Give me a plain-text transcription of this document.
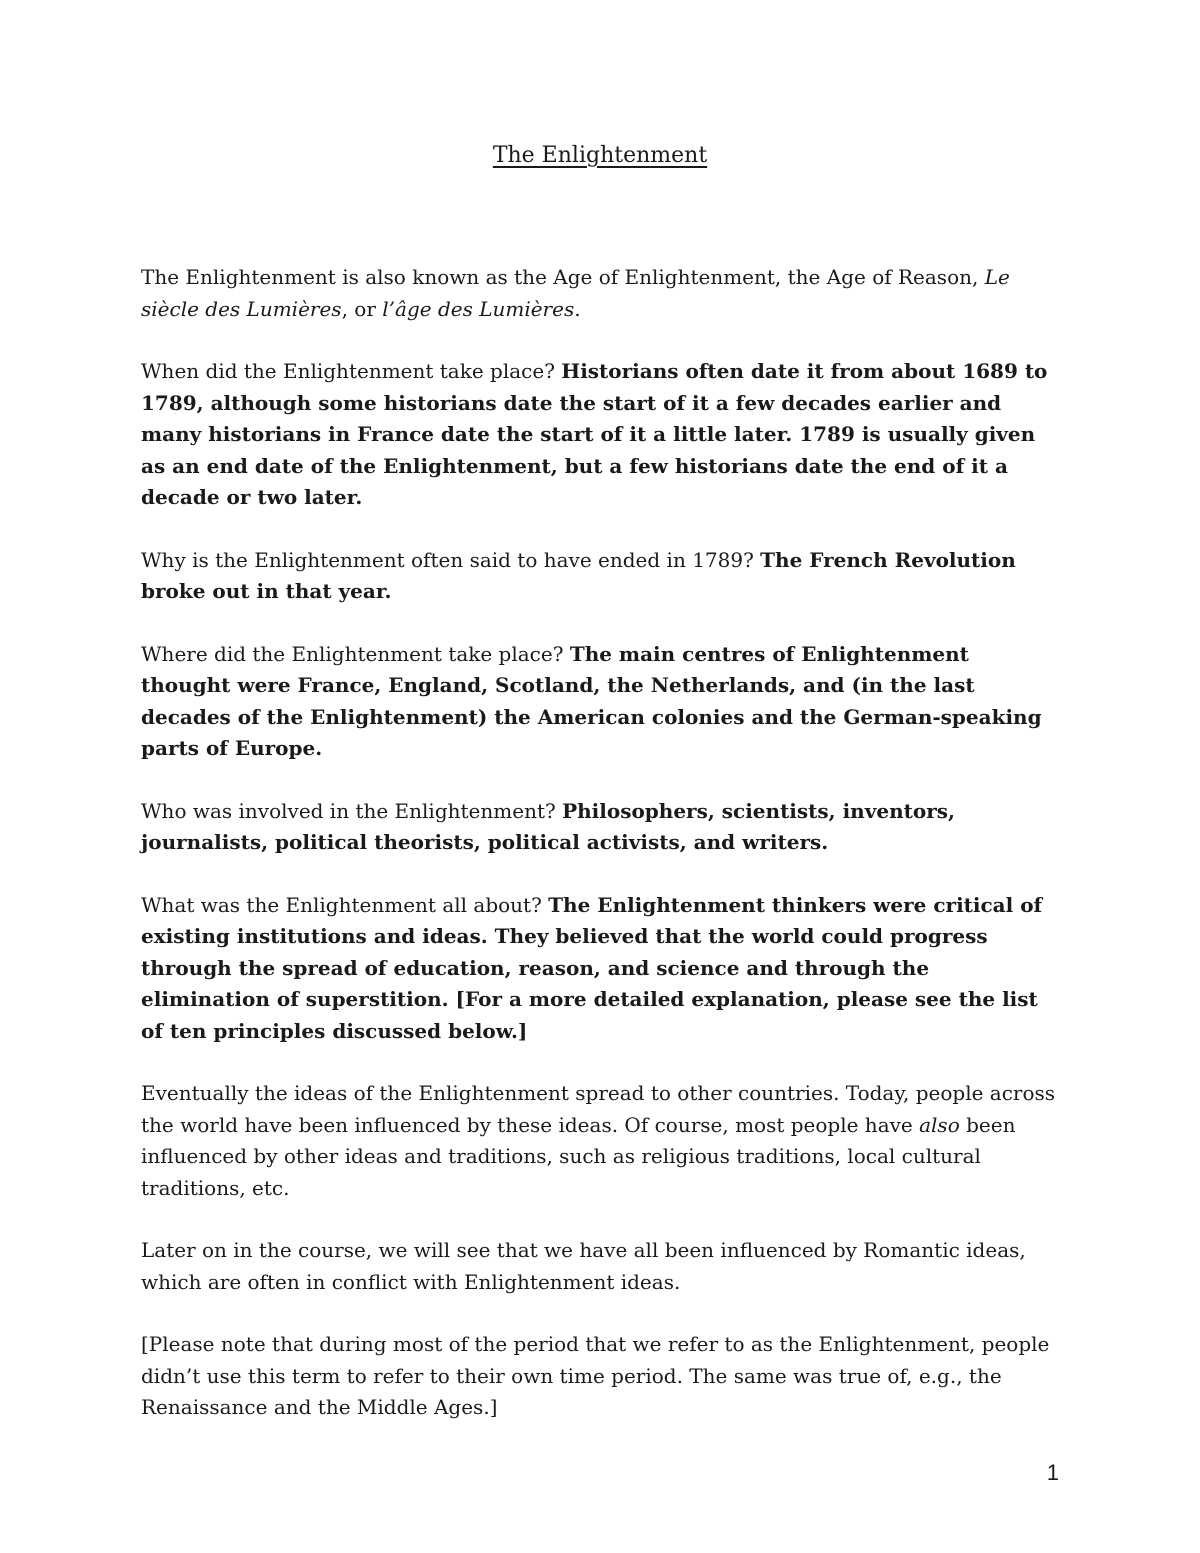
The Enlightenment

The Enlightenment is also known as the Age of Enlightenment, the Age of Reason, Le siècle des Lumières, or l’âge des Lumières.

When did the Enlightenment take place? Historians often date it from about 1689 to 1789, although some historians date the start of it a few decades earlier and many historians in France date the start of it a little later. 1789 is usually given as an end date of the Enlightenment, but a few historians date the end of it a decade or two later.

Why is the Enlightenment often said to have ended in 1789? The French Revolution broke out in that year.

Where did the Enlightenment take place? The main centres of Enlightenment thought were France, England, Scotland, the Netherlands, and (in the last decades of the Enlightenment) the American colonies and the German-speaking parts of Europe.

Who was involved in the Enlightenment? Philosophers, scientists, inventors, journalists, political theorists, political activists, and writers.

What was the Enlightenment all about? The Enlightenment thinkers were critical of existing institutions and ideas. They believed that the world could progress through the spread of education, reason, and science and through the elimination of superstition. [For a more detailed explanation, please see the list of ten principles discussed below.]

Eventually the ideas of the Enlightenment spread to other countries. Today, people across the world have been influenced by these ideas. Of course, most people have also been influenced by other ideas and traditions, such as religious traditions, local cultural traditions, etc.

Later on in the course, we will see that we have all been influenced by Romantic ideas, which are often in conflict with Enlightenment ideas.

[Please note that during most of the period that we refer to as the Enlightenment, people didn’t use this term to refer to their own time period. The same was true of, e.g., the Renaissance and the Middle Ages.]

1
